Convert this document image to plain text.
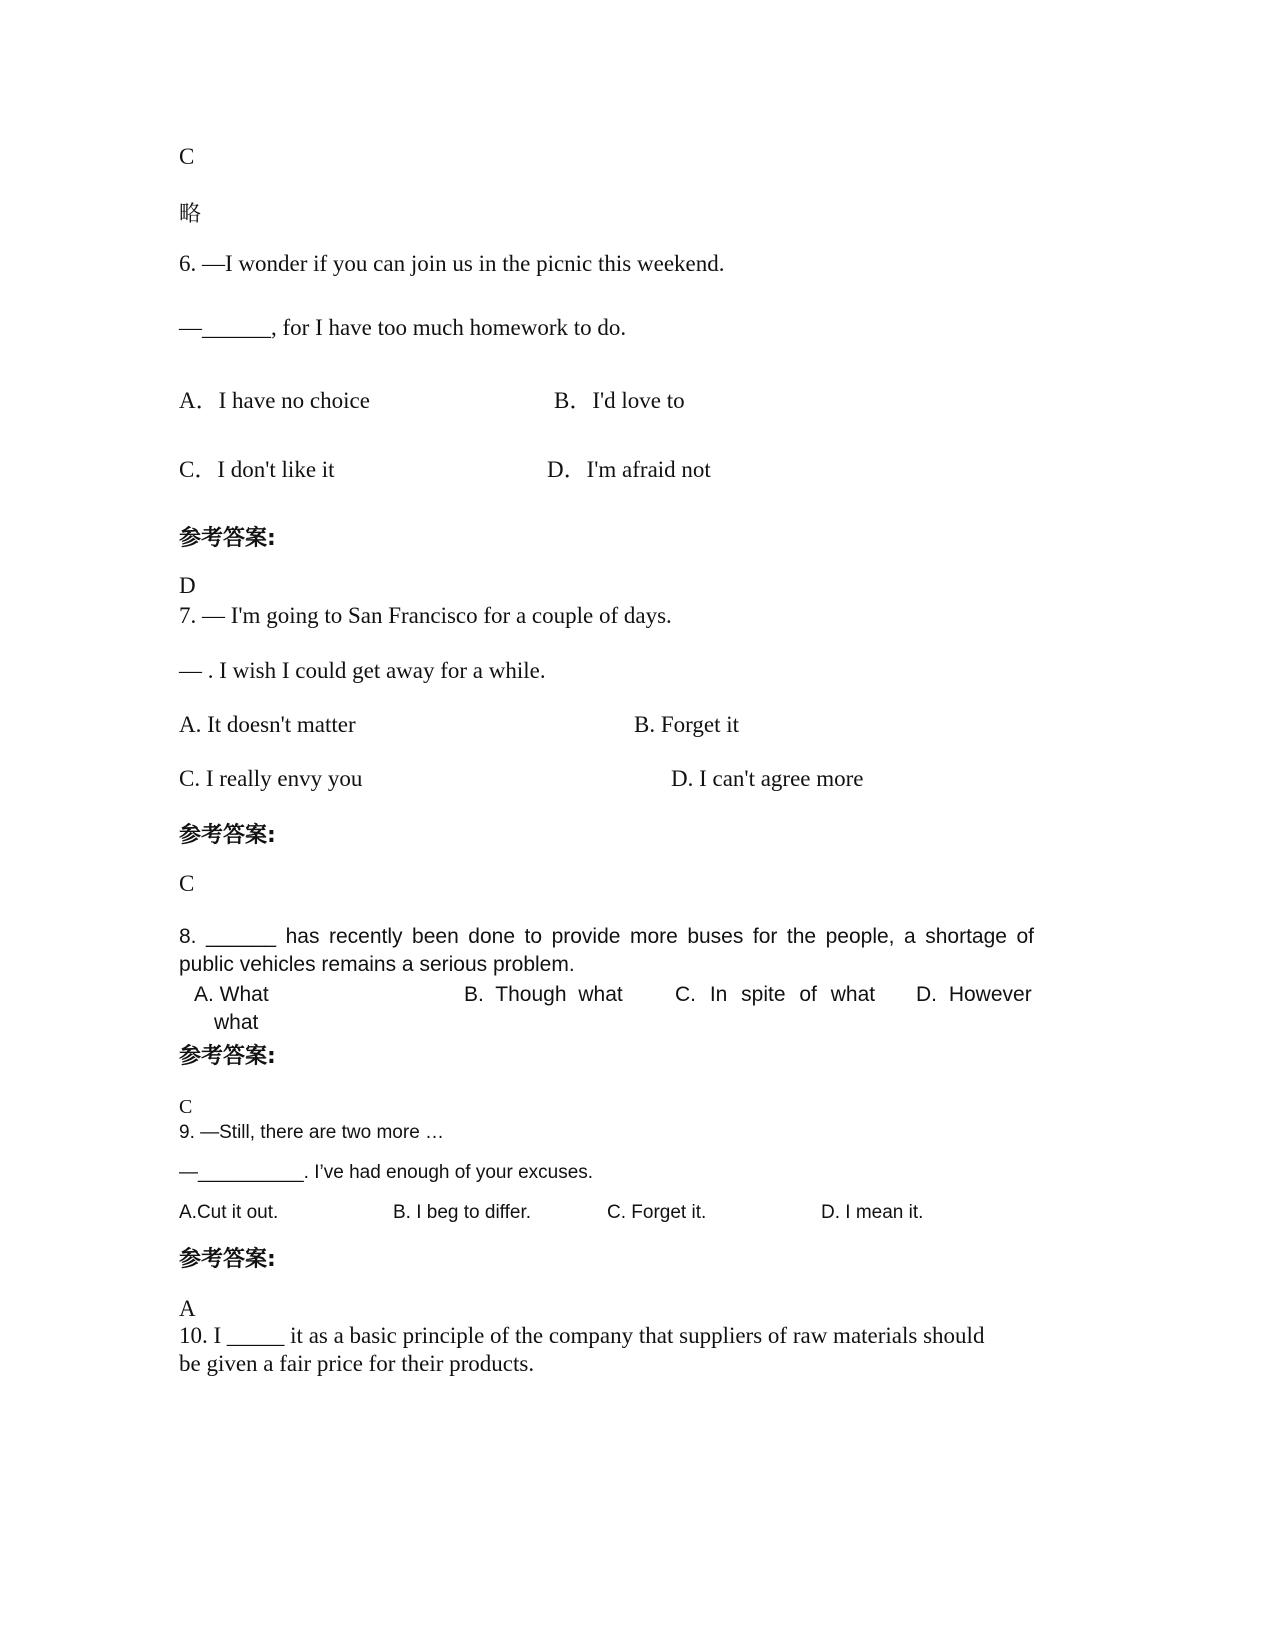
C
略
6. —I wonder if you can join us in the picnic this weekend.
—______, for I have too much homework to do.
A．I have no choice	B．I'd love to
C．I don't like it	D．I'm afraid not
参考答案:
D
7. — I'm going to San Francisco for a couple of days.
— . I wish I could get away for a while.
A. It doesn't matter	B. Forget it
C. I really envy you	D. I can't agree more
参考答案:
C
8. ______ has recently been done to provide more buses for the people, a shortage of
public vehicles remains a serious problem.
A. What	B. Though what C. In spite of what D. However
what
参考答案:
C
9. —Still, there are two more …
—__________. I’ve had enough of your excuses.
A.Cut it out.	B. I beg to differ.	C. Forget it.	D. I mean it.
参考答案:
A
10. I _____ it as a basic principle of the company that suppliers of raw materials should
be given a fair price for their products.
